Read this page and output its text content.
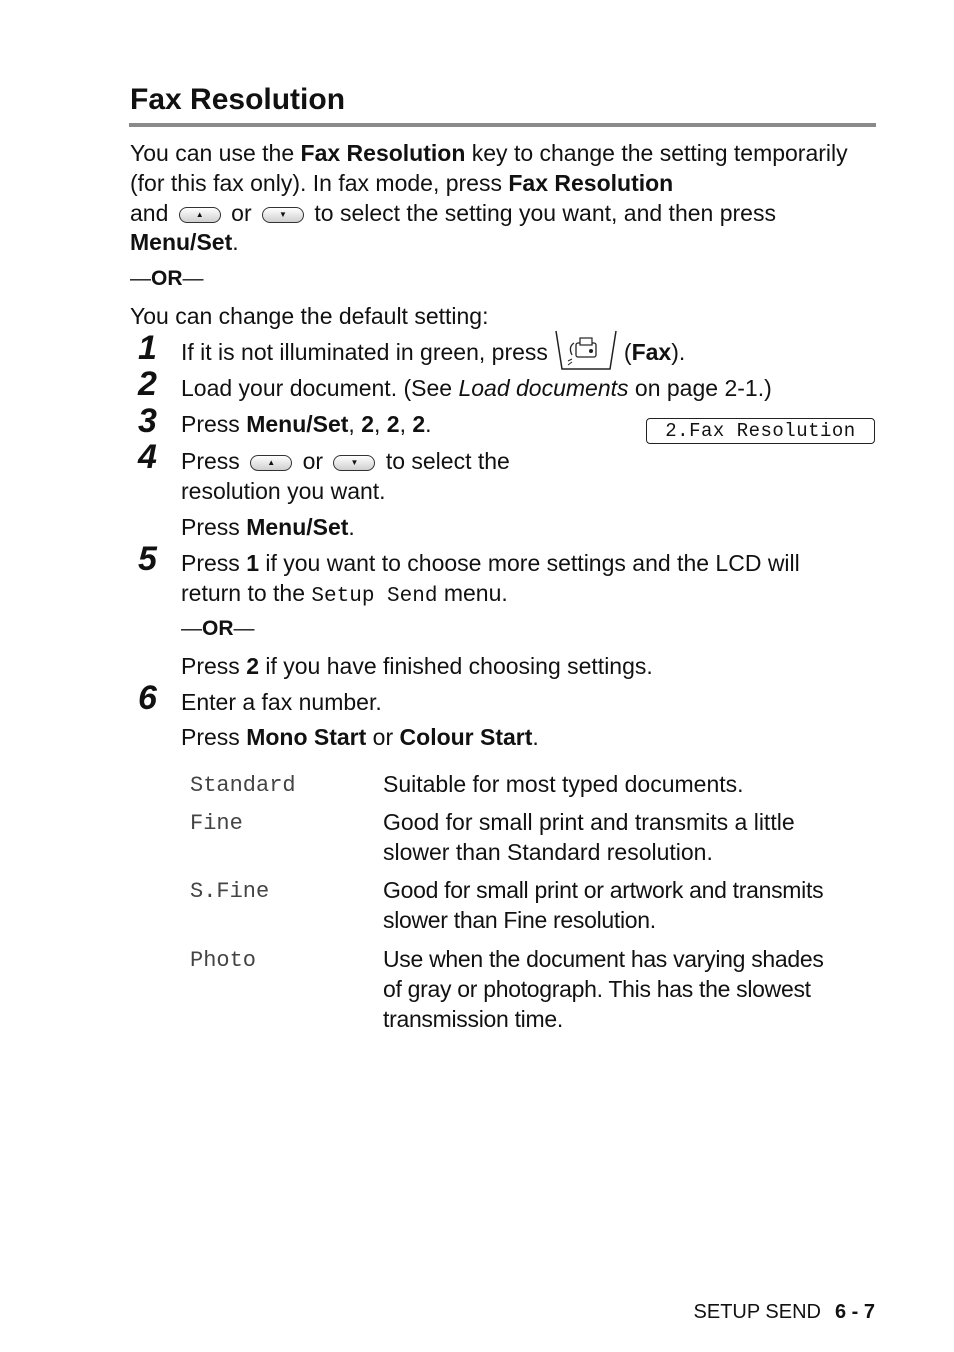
Fax Resolution
You can use the Fax Resolution key to change the setting temporarily (for this fax only). In fax mode, press Fax Resolution
and	▲	or	▼	to select the setting you want, and then press
Menu/Set.
—OR—
You can change the default setting:
1 If it is not illuminated in green, press	(Fax).
2 Load your document. (See Load documents on page 2-1.)
3 Press Menu/Set, 2, 2, 2.	2.Fax Resolution
4 Press	▲	or	▼	to select the
resolution you want.
Press Menu/Set.
5 Press 1 if you want to choose more settings and the LCD will
return to the Setup Send menu.
—OR—
Press 2 if you have finished choosing settings.
6 Enter a fax number.
Press Mono Start or Colour Start.
Standard	Suitable for most typed documents.
Fine	Good for small print and transmits a little
slower than Standard resolution.
S.Fine	Good for small print or artwork and transmits
slower than Fine resolution.
Photo	Use when the document has varying shades
of gray or photograph. This has the slowest
transmission time.
SETUP SEND 6 - 7
